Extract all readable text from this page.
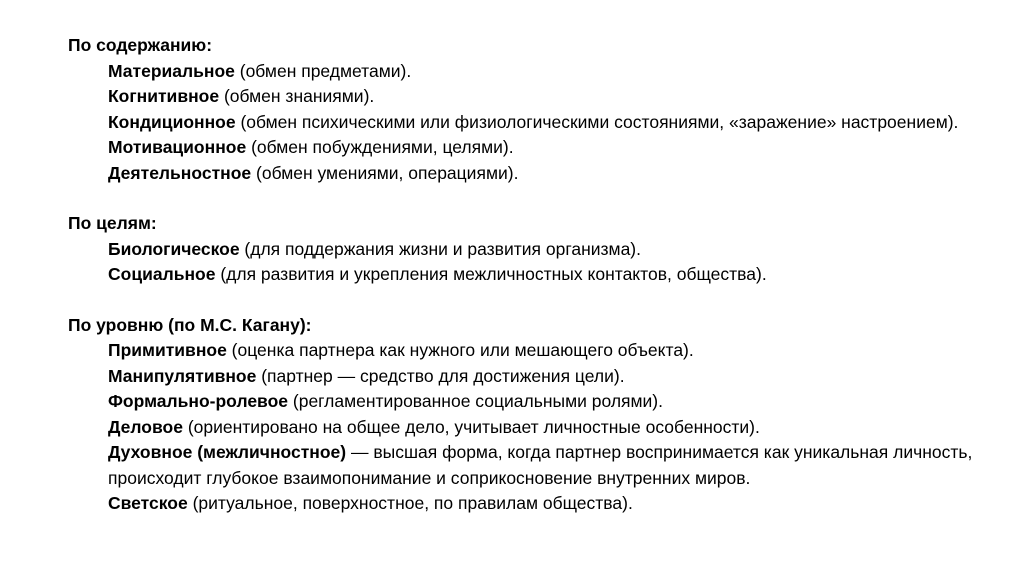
По содержанию:
Материальное (обмен предметами).
Когнитивное (обмен знаниями).
Кондиционное (обмен психическими или физиологическими состояниями, «заражение» настроением).
Мотивационное (обмен побуждениями, целями).
Деятельностное (обмен умениями, операциями).
По целям:
Биологическое (для поддержания жизни и развития организма).
Социальное (для развития и укрепления межличностных контактов, общества).
По уровню (по М.С. Кагану):
Примитивное (оценка партнера как нужного или мешающего объекта).
Манипулятивное (партнер — средство для достижения цели).
Формально-ролевое (регламентированное социальными ролями).
Деловое (ориентировано на общее дело, учитывает личностные особенности).
Духовное (межличностное) — высшая форма, когда партнер воспринимается как уникальная личность, происходит глубокое взаимопонимание и соприкосновение внутренних миров.
Светское (ритуальное, поверхностное, по правилам общества).
